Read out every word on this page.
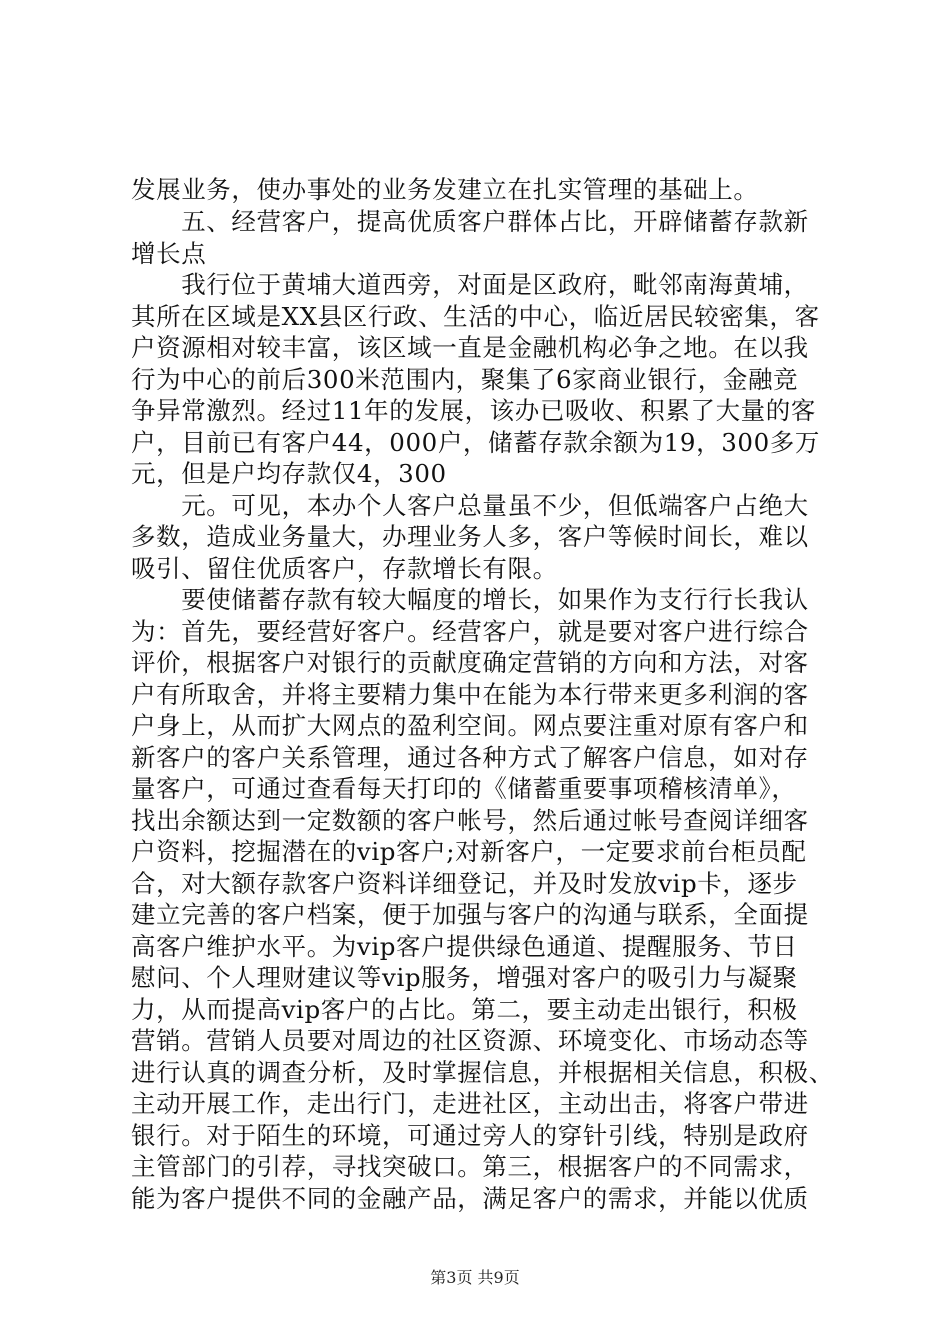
发展业务，使办事处的业务发建立在扎实管理的基础上。
　　五、经营客户，提高优质客户群体占比，开辟储蓄存款新
增长点
　　我行位于黄埔大道西旁，对面是区政府，毗邻南海黄埔，
其所在区域是XX县区行政、生活的中心，临近居民较密集，客
户资源相对较丰富，该区域一直是金融机构必争之地。在以我
行为中心的前后300米范围内，聚集了6家商业银行，金融竞
争异常激烈。经过11年的发展，该办已吸收、积累了大量的客
户，目前已有客户44，000户，储蓄存款余额为19，300多万
元，但是户均存款仅4，300
　　元。可见，本办个人客户总量虽不少，但低端客户占绝大
多数，造成业务量大，办理业务人多，客户等候时间长，难以
吸引、留住优质客户，存款增长有限。
　　要使储蓄存款有较大幅度的增长，如果作为支行行长我认
为：首先，要经营好客户。经营客户，就是要对客户进行综合
评价，根据客户对银行的贡献度确定营销的方向和方法，对客
户有所取舍，并将主要精力集中在能为本行带来更多利润的客
户身上，从而扩大网点的盈利空间。网点要注重对原有客户和
新客户的客户关系管理，通过各种方式了解客户信息，如对存
量客户，可通过查看每天打印的《储蓄重要事项稽核清单》，
找出余额达到一定数额的客户帐号，然后通过帐号查阅详细客
户资料，挖掘潜在的vip客户;对新客户，一定要求前台柜员配
合，对大额存款客户资料详细登记，并及时发放vip卡，逐步
建立完善的客户档案，便于加强与客户的沟通与联系，全面提
高客户维护水平。为vip客户提供绿色通道、提醒服务、节日
慰问、个人理财建议等vip服务，增强对客户的吸引力与凝聚
力，从而提高vip客户的占比。第二，要主动走出银行，积极
营销。营销人员要对周边的社区资源、环境变化、市场动态等
进行认真的调查分析，及时掌握信息，并根据相关信息，积极、
主动开展工作，走出行门，走进社区，主动出击，将客户带进
银行。对于陌生的环境，可通过旁人的穿针引线，特别是政府
主管部门的引荐，寻找突破口。第三，根据客户的不同需求，
能为客户提供不同的金融产品，满足客户的需求，并能以优质
第3页 共9页
